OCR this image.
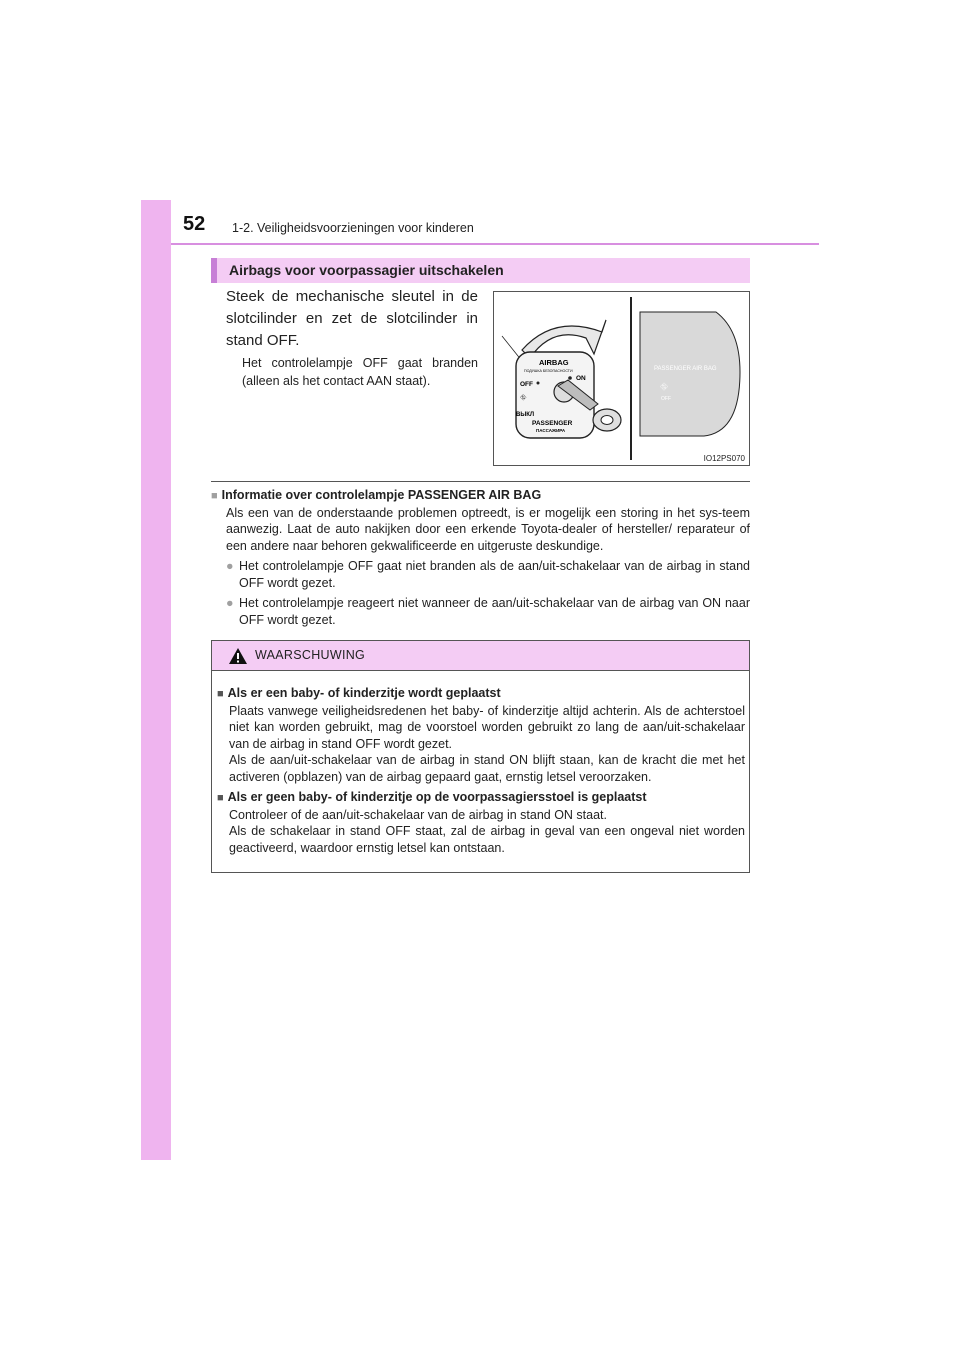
52 1-2. Veiligheidsvoorzieningen voor kinderen
Airbags voor voorpassagier uitschakelen
Steek de mechanische sleutel in de slotcilinder en zet de slotcilinder in stand OFF.
Het controlelampje OFF gaat branden (alleen als het contact AAN staat).
AIRBAG
ПОДУШКА БЕЗОПАСНОСТИ
OFF
ON
⛗
ВЫКЛ
PASSENGER
ПАССАЖИРА
PASSENGER AIR BAG
⛗
OFF
IO12PS070
■ Informatie over controlelampje PASSENGER AIR BAG
Als een van de onderstaande problemen optreedt, is er mogelijk een storing in het sys-teem aanwezig. Laat de auto nakijken door een erkende Toyota-dealer of hersteller/ reparateur of een andere naar behoren gekwalificeerde en uitgeruste deskundige.
● Het controlelampje OFF gaat niet branden als de aan/uit-schakelaar van de airbag in stand OFF wordt gezet.
● Het controlelampje reageert niet wanneer de aan/uit-schakelaar van de airbag van ON naar OFF wordt gezet.
WAARSCHUWING
■ Als er een baby- of kinderzitje wordt geplaatst
Plaats vanwege veiligheidsredenen het baby- of kinderzitje altijd achterin. Als de achterstoel niet kan worden gebruikt, mag de voorstoel worden gebruikt zo lang de aan/uit-schakelaar van de airbag in stand OFF wordt gezet.
Als de aan/uit-schakelaar van de airbag in stand ON blijft staan, kan de kracht die met het activeren (opblazen) van de airbag gepaard gaat, ernstig letsel veroorzaken.
■ Als er geen baby- of kinderzitje op de voorpassagiersstoel is geplaatst
Controleer of de aan/uit-schakelaar van de airbag in stand ON staat.
Als de schakelaar in stand OFF staat, zal de airbag in geval van een ongeval niet worden geactiveerd, waardoor ernstig letsel kan ontstaan.
